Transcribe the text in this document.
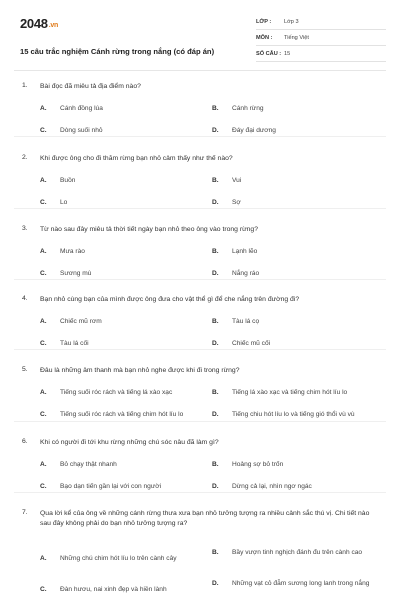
2048.vn
15 câu trắc nghiệm Cánh rừng trong nắng (có đáp án)
LỚP :	Lớp 3
MÔN :	Tiếng Việt
SỐ CÂU : 15
1. Bài đọc đã miêu tả địa điểm nào?
A.	Cánh đồng lúa	B.	Cánh rừng
C.	Dòng suối nhỏ	D.	Đáy đại dương
2. Khi được ông cho đi thăm rừng bạn nhỏ cảm thấy như thế nào?
A.	Buồn	B.	Vui
C.	Lo	D.	Sợ
3. Từ nào sau đây miêu tả thời tiết ngày bạn nhỏ theo ông vào trong rừng?
A.	Mưa rào	B.	Lạnh lẽo
C.	Sương mù	D.	Nắng ráo
4. Bạn nhỏ cùng bạn của mình được ông đưa cho vật thể gì để che nắng trên đường đi?
A.	Chiếc mũ rơm	B.	Tàu lá cọ
C.	Tàu lá cối	D.	Chiếc mũ cối
5. Đâu là những âm thanh mà bạn nhỏ nghe được khi đi trong rừng?
A.	Tiếng suối róc rách và tiếng lá xào xạc	B.	Tiếng lá xào xạc và tiếng chim hót líu lo
C.	Tiếng suối róc rách và tiếng chim hót líu lo	D.	Tiếng chiu hót líu lo và tiếng gió thổi vù vù
6. Khi có người đi tới khu rừng những chú sóc nâu đã làm gì?
A.	Bỏ chạy thật nhanh	B.	Hoảng sợ bỏ trốn
C.	Bạo dạn tiến gần lại với con người	D.	Dừng cả lại, nhìn ngơ ngác
7. Qua lời kể của ông về những cánh rừng thưa xưa bạn nhỏ tưởng tượng ra nhiều cảnh sắc thú vị. Chi tiết nào sau đây không phải do bạn nhỏ tưởng tượng ra?
A.	Những chú chim hót líu lo trên cành cây
B.	Bầy vượn tinh nghịch đánh đu trên cành cao
C.	Đàn hươu, nai xinh đẹp và hiền lành
D.	Những vạt cỏ đẫm sương long lanh trong nắng
